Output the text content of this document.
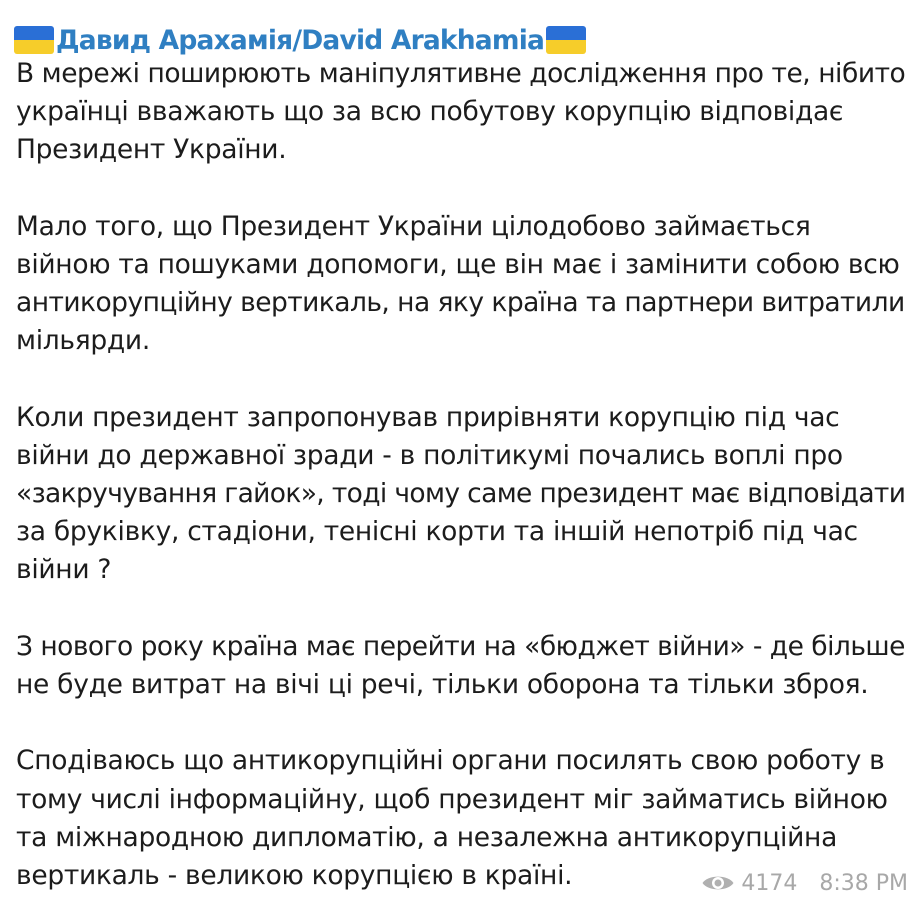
Давид Арахамія/David Arakhamia
В мережі поширюють маніпулятивне дослідження про те, нібито
українці вважають що за всю побутову корупцію відповідає
Президент України.
Мало того, що Президент України цілодобово займається
війною та пошуками допомоги, ще він має і замінити собою всю
антикорупційну вертикаль, на яку країна та партнери витратили
мільярди.
Коли президент запропонував прирівняти корупцію під час
війни до державної зради - в політикумі почались воплі про
«закручування гайок», тоді чому саме президент має відповідати
за бруківку, стадіони, тенісні корти та іншій непотріб під час
війни ?
З нового року країна має перейти на «бюджет війни» - де більше
не буде витрат на вічі ці речі, тільки оборона та тільки зброя.
Сподіваюсь що антикорупційні органи посилять свою роботу в
тому числі інформаційну, щоб президент міг займатись війною
та міжнародною дипломатію, а незалежна антикорупційна
вертикаль - великою корупцією в країні.	4174 8:38 PM
